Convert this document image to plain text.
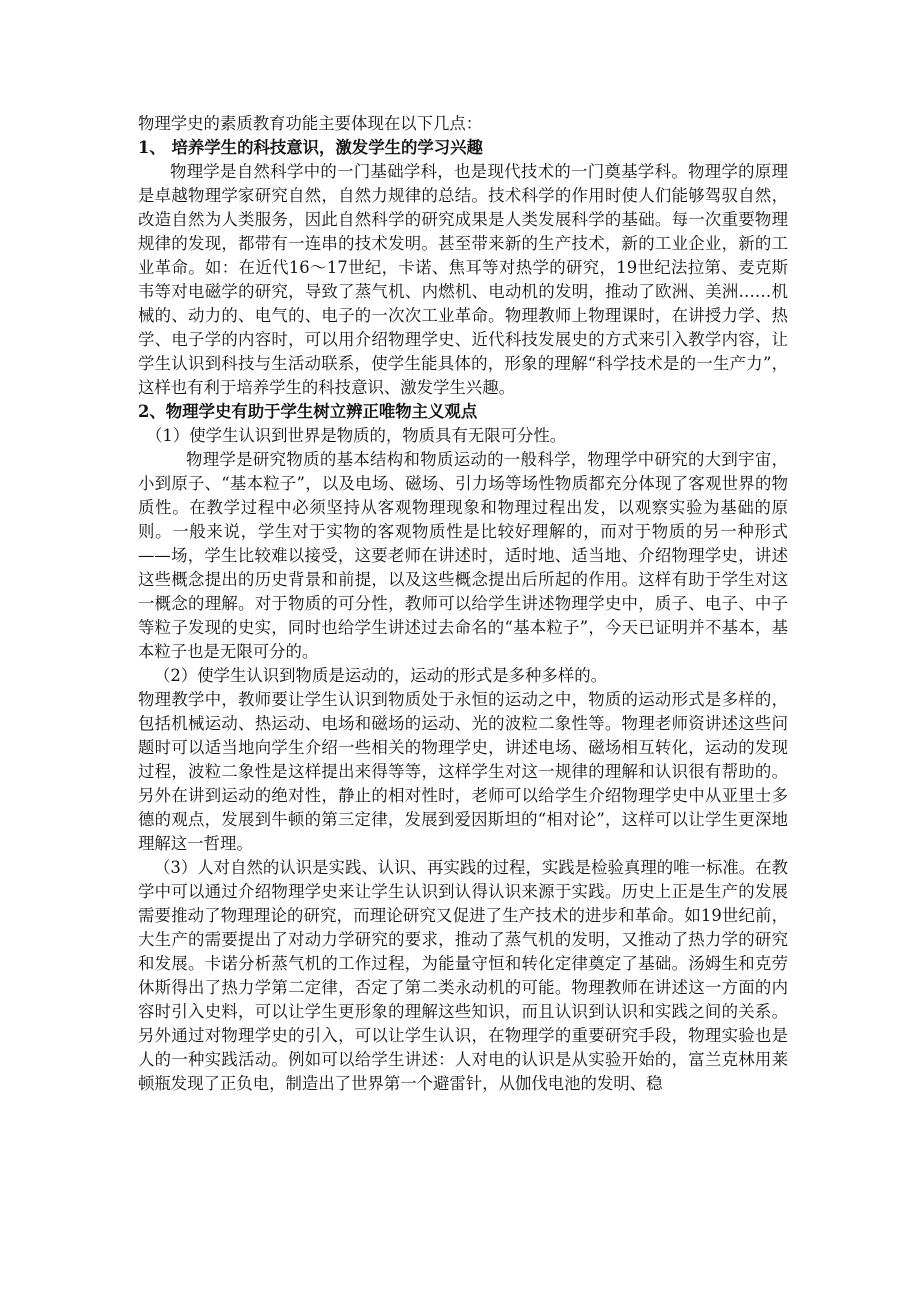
物理学史的素质教育功能主要体现在以下几点：

1、 培养学生的科技意识，激发学生的学习兴趣

物理学是自然科学中的一门基础学科，也是现代技术的一门奠基学科。物理学的原理是卓越物理学家研究自然，自然力规律的总结。技术科学的作用时使人们能够驾驭自然，改造自然为人类服务，因此自然科学的研究成果是人类发展科学的基础。每一次重要物理规律的发现，都带有一连串的技术发明。甚至带来新的生产技术，新的工业企业，新的工业革命。如：在近代16～17世纪，卡诺、焦耳等对热学的研究，19世纪法拉第、麦克斯韦等对电磁学的研究，导致了蒸气机、内燃机、电动机的发明，推动了欧洲、美洲……机械的、动力的、电气的、电子的一次次工业革命。物理教师上物理课时，在讲授力学、热学、电子学的内容时，可以用介绍物理学史、近代科技发展史的方式来引入教学内容，让学生认识到科技与生活动联系，使学生能具体的，形象的理解“科学技术是的一生产力”，这样也有利于培养学生的科技意识、激发学生兴趣。

2、物理学史有助于学生树立辨正唯物主义观点

（1）使学生认识到世界是物质的，物质具有无限可分性。

物理学是研究物质的基本结构和物质运动的一般科学，物理学中研究的大到宇宙，小到原子、“基本粒子”，以及电场、磁场、引力场等场性物质都充分体现了客观世界的物质性。在教学过程中必须坚持从客观物理现象和物理过程出发，以观察实验为基础的原则。一般来说，学生对于实物的客观物质性是比较好理解的，而对于物质的另一种形式——场，学生比较难以接受，这要老师在讲述时，适时地、适当地、介绍物理学史，讲述这些概念提出的历史背景和前提，以及这些概念提出后所起的作用。这样有助于学生对这一概念的理解。对于物质的可分性，教师可以给学生讲述物理学史中，质子、电子、中子等粒子发现的史实，同时也给学生讲述过去命名的“基本粒子”，今天已证明并不基本，基本粒子也是无限可分的。

（2）使学生认识到物质是运动的，运动的形式是多种多样的。

物理教学中，教师要让学生认识到物质处于永恒的运动之中，物质的运动形式是多样的，包括机械运动、热运动、电场和磁场的运动、光的波粒二象性等。物理老师资讲述这些问题时可以适当地向学生介绍一些相关的物理学史，讲述电场、磁场相互转化，运动的发现过程，波粒二象性是这样提出来得等等，这样学生对这一规律的理解和认识很有帮助的。另外在讲到运动的绝对性，静止的相对性时，老师可以给学生介绍物理学史中从亚里士多德的观点，发展到牛顿的第三定律，发展到爱因斯坦的“相对论”，这样可以让学生更深地理解这一哲理。

（3）人对自然的认识是实践、认识、再实践的过程，实践是检验真理的唯一标准。在教学中可以通过介绍物理学史来让学生认识到认得认识来源于实践。历史上正是生产的发展需要推动了物理理论的研究，而理论研究又促进了生产技术的进步和革命。如19世纪前，大生产的需要提出了对动力学研究的要求，推动了蒸气机的发明，又推动了热力学的研究和发展。卡诺分析蒸气机的工作过程，为能量守恒和转化定律奠定了基础。汤姆生和克劳休斯得出了热力学第二定律，否定了第二类永动机的可能。物理教师在讲述这一方面的内容时引入史料，可以让学生更形象的理解这些知识，而且认识到认识和实践之间的关系。另外通过对物理学史的引入，可以让学生认识，在物理学的重要研究手段，物理实验也是人的一种实践活动。例如可以给学生讲述：人对电的认识是从实验开始的，富兰克林用莱顿瓶发现了正负电，制造出了世界第一个避雷针，从伽伐电池的发明、稳
